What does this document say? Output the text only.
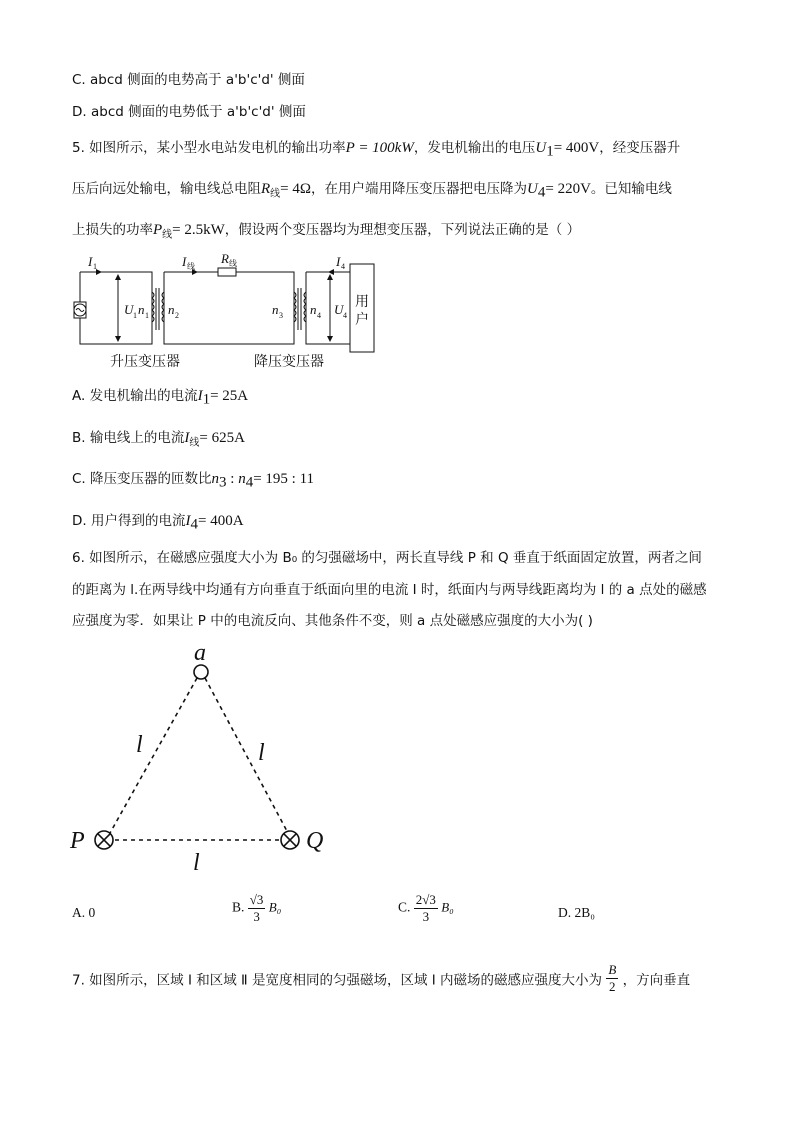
C. abcd 侧面的电势高于 a'b'c'd' 侧面
D. abcd 侧面的电势低于 a'b'c'd' 侧面
5. 如图所示，某小型水电站发电机的输出功率P = 100kW，发电机输出的电压$U_1= 400V$，经变压器升
压后向远处输电，输电线总电阻$R_线= 4\Omega$，在用户端用降压变压器把电压降为$U_4= 220V$。已知输电线
上损失的功率$P_线= 2.5kW$，假设两个变压器均为理想变压器，下列说法正确的是（ ）
I 1	I 线
R 线	I 4
U 1 n 1 n 2	n 3 n 4 U 4
用
户
升压变压器	降压变压器
A. 发电机输出的电流$I_1= 25A$
B. 输电线上的电流$I_线= 625A$
C. 降压变压器的匝数比$n_3$ : $n_4= 195$ : 11
D. 用户得到的电流$I_4= 400A$
6. 如图所示，在磁感应强度大小为 B₀ 的匀强磁场中，两长直导线 P 和 Q 垂直于纸面固定放置，两者之间
的距离为 l.在两导线中均通有方向垂直于纸面向里的电流 I 时，纸面内与两导线距离均为 l 的 a 点处的磁感
应强度为零．如果让 P 中的电流反向、其他条件不变，则 a 点处磁感应强度的大小为( )
a
P	Q
l	l
l
A. 0	B. $\frac{√3}{3} B_0$	C. $\frac{2√3}{3} B_0$	D. 2B₀
7. 如图所示，区域 Ⅰ 和区域 Ⅱ 是宽度相同的匀强磁场，区域 Ⅰ 内磁场的磁感应强度大小为 $\frac{B}{2}$ ，方向垂直
